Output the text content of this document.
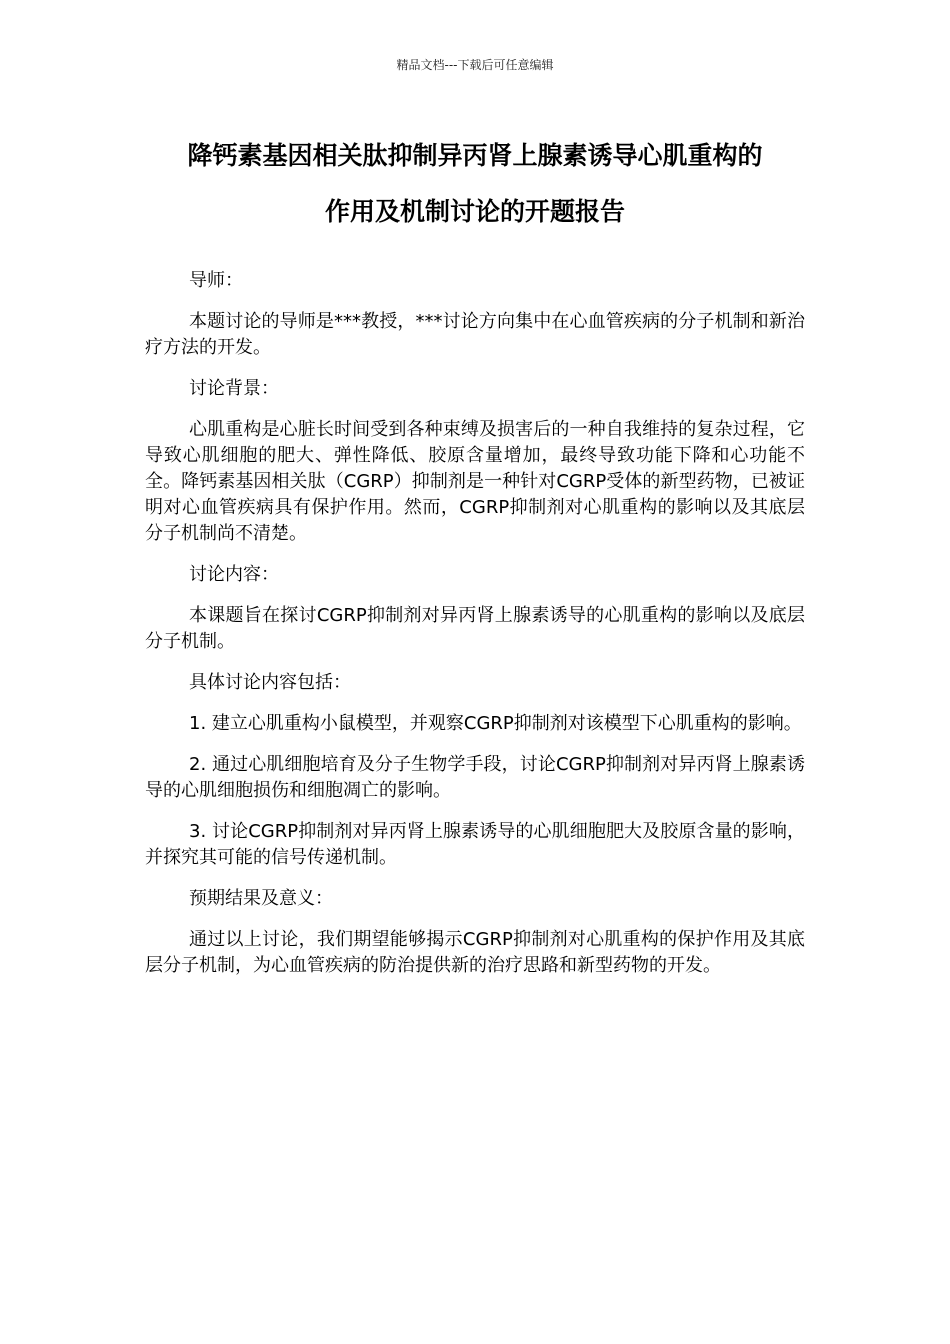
精品文档---下载后可任意编辑
降钙素基因相关肽抑制异丙肾上腺素诱导心肌重构的
作用及机制讨论的开题报告

导师：

本题讨论的导师是***教授，***讨论方向集中在心血管疾病的分子机制和新治疗方法的开发。

讨论背景：

心肌重构是心脏长时间受到各种束缚及损害后的一种自我维持的复杂过程，它导致心肌细胞的肥大、弹性降低、胶原含量增加，最终导致功能下降和心功能不全。降钙素基因相关肽（CGRP）抑制剂是一种针对CGRP受体的新型药物，已被证明对心血管疾病具有保护作用。然而，CGRP抑制剂对心肌重构的影响以及其底层分子机制尚不清楚。

讨论内容：

本课题旨在探讨CGRP抑制剂对异丙肾上腺素诱导的心肌重构的影响以及底层分子机制。

具体讨论内容包括：

1. 建立心肌重构小鼠模型，并观察CGRP抑制剂对该模型下心肌重构的影响。

2. 通过心肌细胞培育及分子生物学手段，讨论CGRP抑制剂对异丙肾上腺素诱导的心肌细胞损伤和细胞凋亡的影响。

3. 讨论CGRP抑制剂对异丙肾上腺素诱导的心肌细胞肥大及胶原含量的影响，并探究其可能的信号传递机制。

预期结果及意义：

通过以上讨论，我们期望能够揭示CGRP抑制剂对心肌重构的保护作用及其底层分子机制，为心血管疾病的防治提供新的治疗思路和新型药物的开发。
